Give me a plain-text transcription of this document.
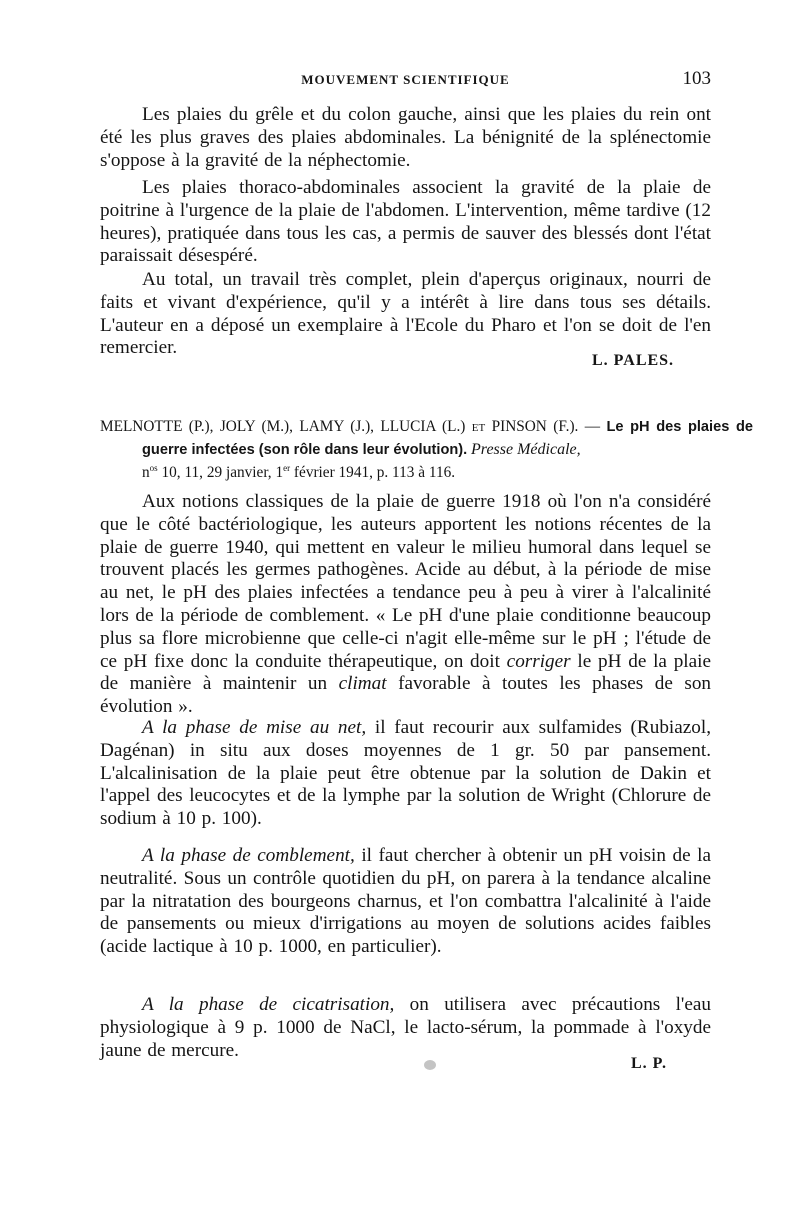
MOUVEMENT SCIENTIFIQUE	103

Les plaies du grêle et du colon gauche, ainsi que les plaies du rein ont été les plus graves des plaies abdominales. La bénignité de la splénectomie s'oppose à la gravité de la néphectomie.

Les plaies thoraco-abdominales associent la gravité de la plaie de poitrine à l'urgence de la plaie de l'abdomen. L'intervention, même tardive (12 heures), pratiquée dans tous les cas, a permis de sauver des blessés dont l'état paraissait désespéré.

Au total, un travail très complet, plein d'aperçus originaux, nourri de faits et vivant d'expérience, qu'il y a intérêt à lire dans tous ses détails. L'auteur en a déposé un exemplaire à l'Ecole du Pharo et l'on se doit de l'en remercier.

L. PALES.
MELNOTTE (P.), JOLY (M.), LAMY (J.), LLUCIA (L.) et PINSON (F.). — Le pH des plaies de guerre infectées (son rôle dans leur évolution). Presse Médicale,
$n^{os}$ 10, 11, 29 janvier, 1er février 1941, p. 113 à 116.

Aux notions classiques de la plaie de guerre 1918 où l'on n'a considéré que le côté bactériologique, les auteurs apportent les notions récentes de la plaie de guerre 1940, qui mettent en valeur le milieu humoral dans lequel se trouvent placés les germes pathogènes. Acide au début, à la période de mise au net, le pH des plaies infectées a tendance peu à peu à virer à l'alcalinité lors de la période de comblement. « Le pH d'une plaie conditionne beaucoup plus sa flore microbienne que celle-ci n'agit elle-même sur le pH ; l'étude de ce pH fixe donc la conduite thérapeutique, on doit corriger le pH de la plaie de manière à maintenir un climat favorable à toutes les phases de son évolution ».

A la phase de mise au net, il faut recourir aux sulfamides (Rubiazol, Dagénan) in situ aux doses moyennes de 1 gr. 50 par pansement. L'alcalinisation de la plaie peut être obtenue par la solution de Dakin et l'appel des leucocytes et de la lymphe par la solution de Wright (Chlorure de sodium à 10 p. 100).

A la phase de comblement, il faut chercher à obtenir un pH voisin de la neutralité. Sous un contrôle quotidien du pH, on parera à la tendance alcaline par la nitratation des bourgeons charnus, et l'on combattra l'alcalinité à l'aide de pansements ou mieux d'irrigations au moyen de solutions acides faibles (acide lactique à 10 p. 1000, en particulier).

A la phase de cicatrisation, on utilisera avec précautions l'eau physiologique à 9 p. 1000 de NaCl, le lacto-sérum, la pommade à l'oxyde jaune de mercure.

L. P.
